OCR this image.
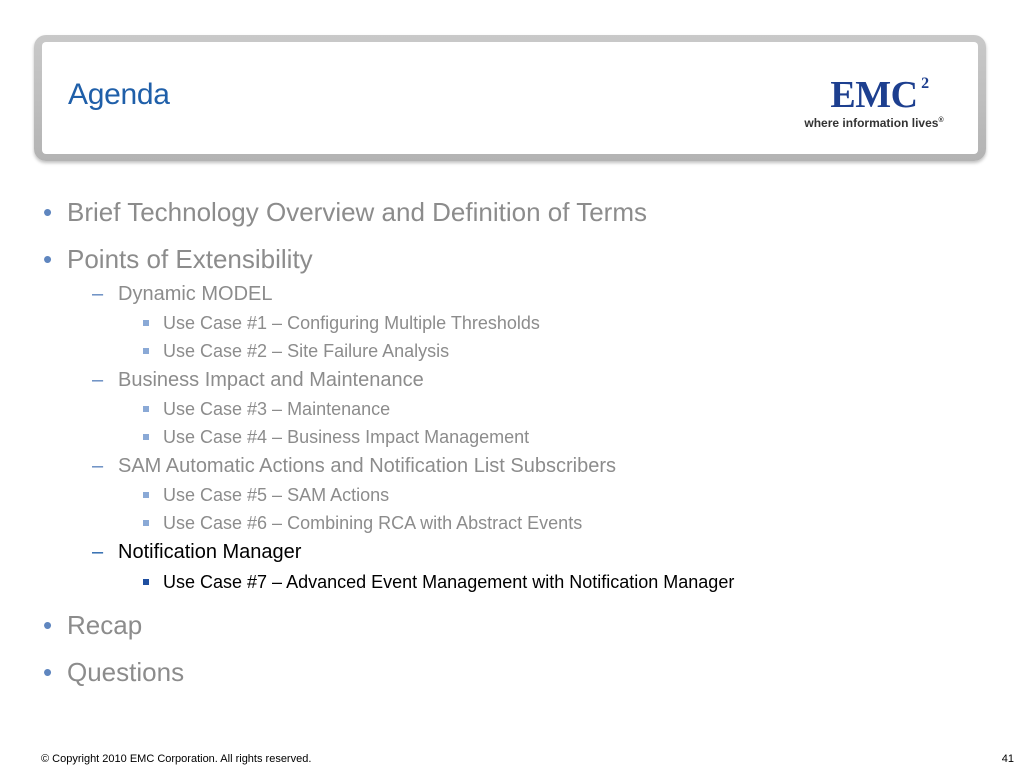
Agenda	EMC 2
where information lives®
• Brief Technology Overview and Definition of Terms
• Points of Extensibility
– Dynamic MODEL
Use Case #1 – Configuring Multiple Thresholds
Use Case #2 – Site Failure Analysis
– Business Impact and Maintenance
Use Case #3 – Maintenance
Use Case #4 – Business Impact Management
– SAM Automatic Actions and Notification List Subscribers
Use Case #5 – SAM Actions
Use Case #6 – Combining RCA with Abstract Events
– Notification Manager
Use Case #7 – Advanced Event Management with Notification Manager
• Recap
• Questions
© Copyright 2010 EMC Corporation. All rights reserved.	41
